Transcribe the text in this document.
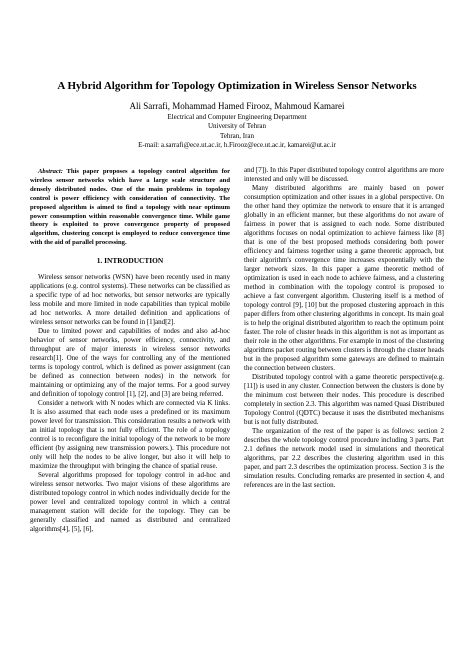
A Hybrid Algorithm for Topology Optimization in Wireless Sensor Networks
Ali Sarrafi, Mohammad Hamed Firooz, Mahmoud Kamarei
Electrical and Computer Engineering Department
University of Tehran
Tehran, Iran
E-mail: a.sarrafi@ece.ut.ac.ir, h.Firooz@ece.ut.ac.ir, kamarei@ut.ac.ir

Abstract: This paper proposes a topology control algorithm for wireless sensor networks which have a large scale structure and densely distributed nodes. One of the main problems in topology control is power efficiency with consideration of connectivity. The proposed algorithm is aimed to find a topology with near optimum power consumption within reasonable convergence time. While game theory is exploited to prove convergence property of proposed algorithm, clustering concept is employed to reduce convergence time with the aid of parallel processing.

1. INTRODUCTION

Wireless sensor networks (WSN) have been recently used in many applications (e.g. control systems). These networks can be classified as a specific type of ad hoc networks, but sensor networks are typically less mobile and more limited in node capabilities than typical mobile ad hoc networks. A more detailed definition and applications of wireless sensor networks can be found in [1]and[2].

Due to limited power and capabilities of nodes and also ad-hoc behavior of sensor networks, power efficiency, connectivity, and throughput are of major interests in wireless sensor networks research[1]. One of the ways for controlling any of the mentioned terms is topology control, which is defined as power assignment (can be defined as connection between nodes) in the network for maintaining or optimizing any of the major terms. For a good survey and definition of topology control [1], [2], and [3] are being referred.

Consider a network with N nodes which are connected via K links. It is also assumed that each node uses a predefined or its maximum power level for transmission. This consideration results a network with an initial topology that is not fully efficient. The role of a topology control is to reconfigure the initial topology of the network to be more efficient (by assigning new transmission powers.). This procedure not only will help the nodes to be alive longer, but also it will help to maximize the throughput with bringing the chance of spatial reuse.

Several algorithms proposed for topology control in ad-hoc and wireless sensor networks. Two major visions of these algorithms are distributed topology control in which nodes individually decide for the power level and centralized topology control in which a central management station will decide for the topology. They can be generally classified and named as distributed and centralized algorithms[4], [5], [6],

and [7]). In this Paper distributed topology control algorithms are more interested and only will be discussed.

Many distributed algorithms are mainly based on power consumption optimization and other issues in a global perspective. On the other hand they optimize the network to ensure that it is arranged globally in an efficient manner, but these algorithms do not aware of fairness in power that is assigned to each node. Some distributed algorithms focuses on nodal optimization to achieve fairness like [8] that is one of the best proposed methods considering both power efficiency and fairness together using a game theoretic approach, but their algorithm's convergence time increases exponentially with the larger network sizes. In this paper a game theoretic method of optimization is used in each node to achieve fairness, and a clustering method in combination with the topology control is proposed to achieve a fast convergent algorithm. Clustering itself is a method of topology control [9], [10] but the proposed clustering approach in this paper differs from other clustering algorithms in concept. Its main goal is to help the original distributed algorithm to reach the optimum point faster. The role of cluster heads in this algorithm is not as important as their role in the other algorithms. For example in most of the clustering algorithms packet routing between clusters is through the cluster heads but in the proposed algorithm some gateways are defined to maintain the connection between clusters.

Distributed topology control with a game theoretic perspective(e.g. [11]) is used in any cluster. Connection between the clusters is done by the minimum cost between their nodes. This procedure is described completely in section 2.3. This algorithm was named Quasi Distributed Topology Control (QDTC) because it uses the distributed mechanisms but is not fully distributed.

The organization of the rest of the paper is as follows: section 2 describes the whole topology control procedure including 3 parts. Part 2.1 defines the network model used in simulations and theoretical algorithms, par 2.2 describes the clustering algorithm used in this paper, and part 2.3 describes the optimization process. Section 3 is the simulation results. Concluding remarks are presented in section 4, and references are in the last section.
